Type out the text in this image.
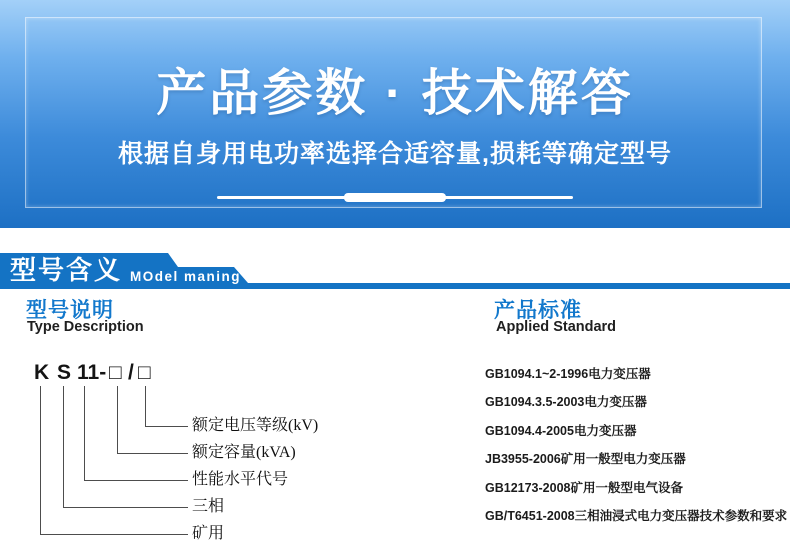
产品参数 · 技术解答
根据自身用电功率选择合适容量,损耗等确定型号
型号含义 MOdel maning
型号说明
Type Description
K S 11- □ / □
额定电压等级(kV)
额定容量(kVA)
性能水平代号
三相
矿用
产品标准
Applied Standard
GB1094.1~2-1996电力变压器
GB1094.3.5-2003电力变压器
GB1094.4-2005电力变压器
JB3955-2006矿用一般型电力变压器
GB12173-2008矿用一般型电气设备
GB/T6451-2008三相油浸式电力变压器技术参数和要求
